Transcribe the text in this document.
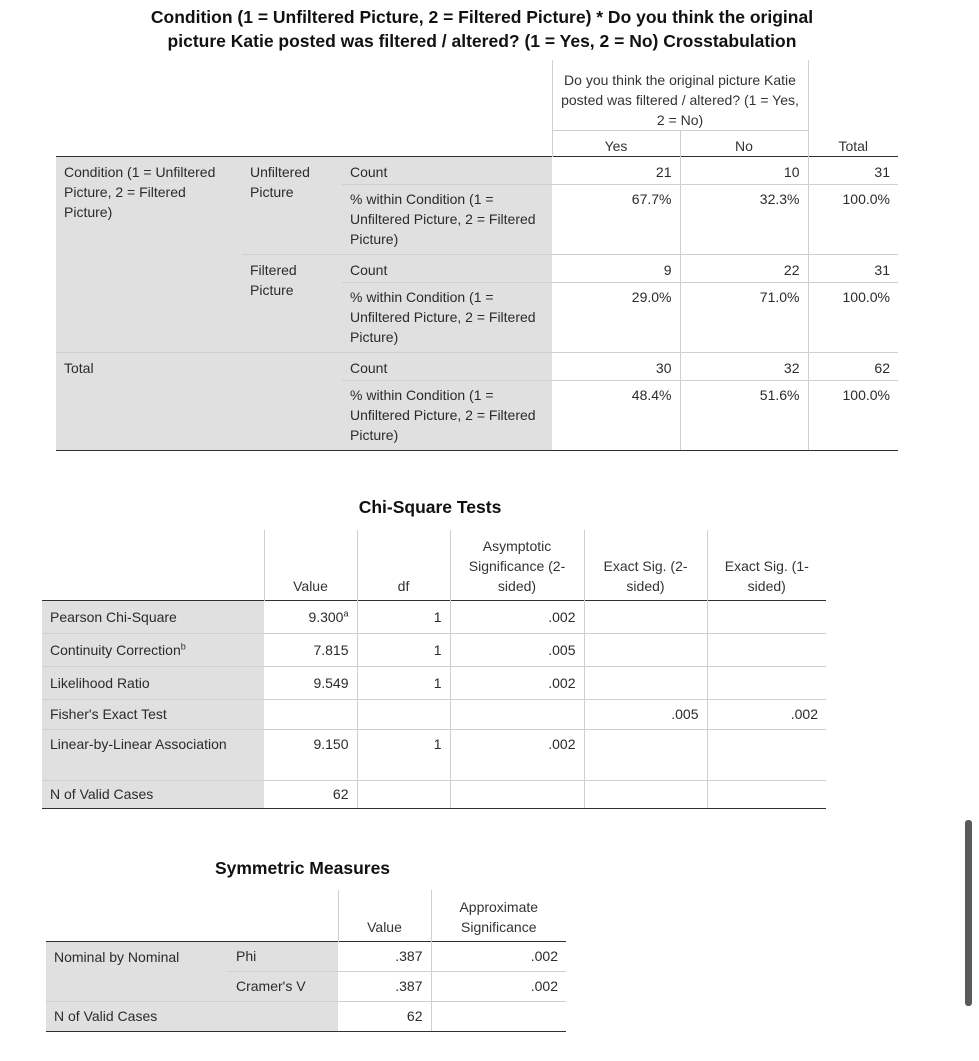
Condition (1 = Unfiltered Picture, 2 = Filtered Picture) * Do you think the original
picture Katie posted was filtered / altered? (1 = Yes, 2 = No) Crosstabulation
			Do you think the original picture Katie posted was filtered / altered? (1 = Yes, 2 = No)		
			Yes	No	Total
Condition (1 = Unfiltered Picture, 2 = Filtered Picture)	Unfiltered Picture	Count	21	10	31
		% within Condition (1 = Unfiltered Picture, 2 = Filtered Picture)	67.7%	32.3%	100.0%
	Filtered Picture	Count	9	22	31
		% within Condition (1 = Unfiltered Picture, 2 = Filtered Picture)	29.0%	71.0%	100.0%
Total		Count	30	32	62
		% within Condition (1 = Unfiltered Picture, 2 = Filtered Picture)	48.4%	51.6%	100.0%
Chi-Square Tests
	Value	df	Asymptotic Significance (2-sided)	Exact Sig. (2-sided)	Exact Sig. (1-sided)
Pearson Chi-Square	9.300$^a$	1	.002		
Continuity Correction$^b$	7.815	1	.005		
Likelihood Ratio	9.549	1	.002		
Fisher's Exact Test				.005	.002
Linear-by-Linear Association	9.150	1	.002		
N of Valid Cases	62				
Symmetric Measures
		Value	Approximate Significance
Nominal by Nominal	Phi	.387	.002
	Cramer's V	.387	.002
N of Valid Cases		62	
